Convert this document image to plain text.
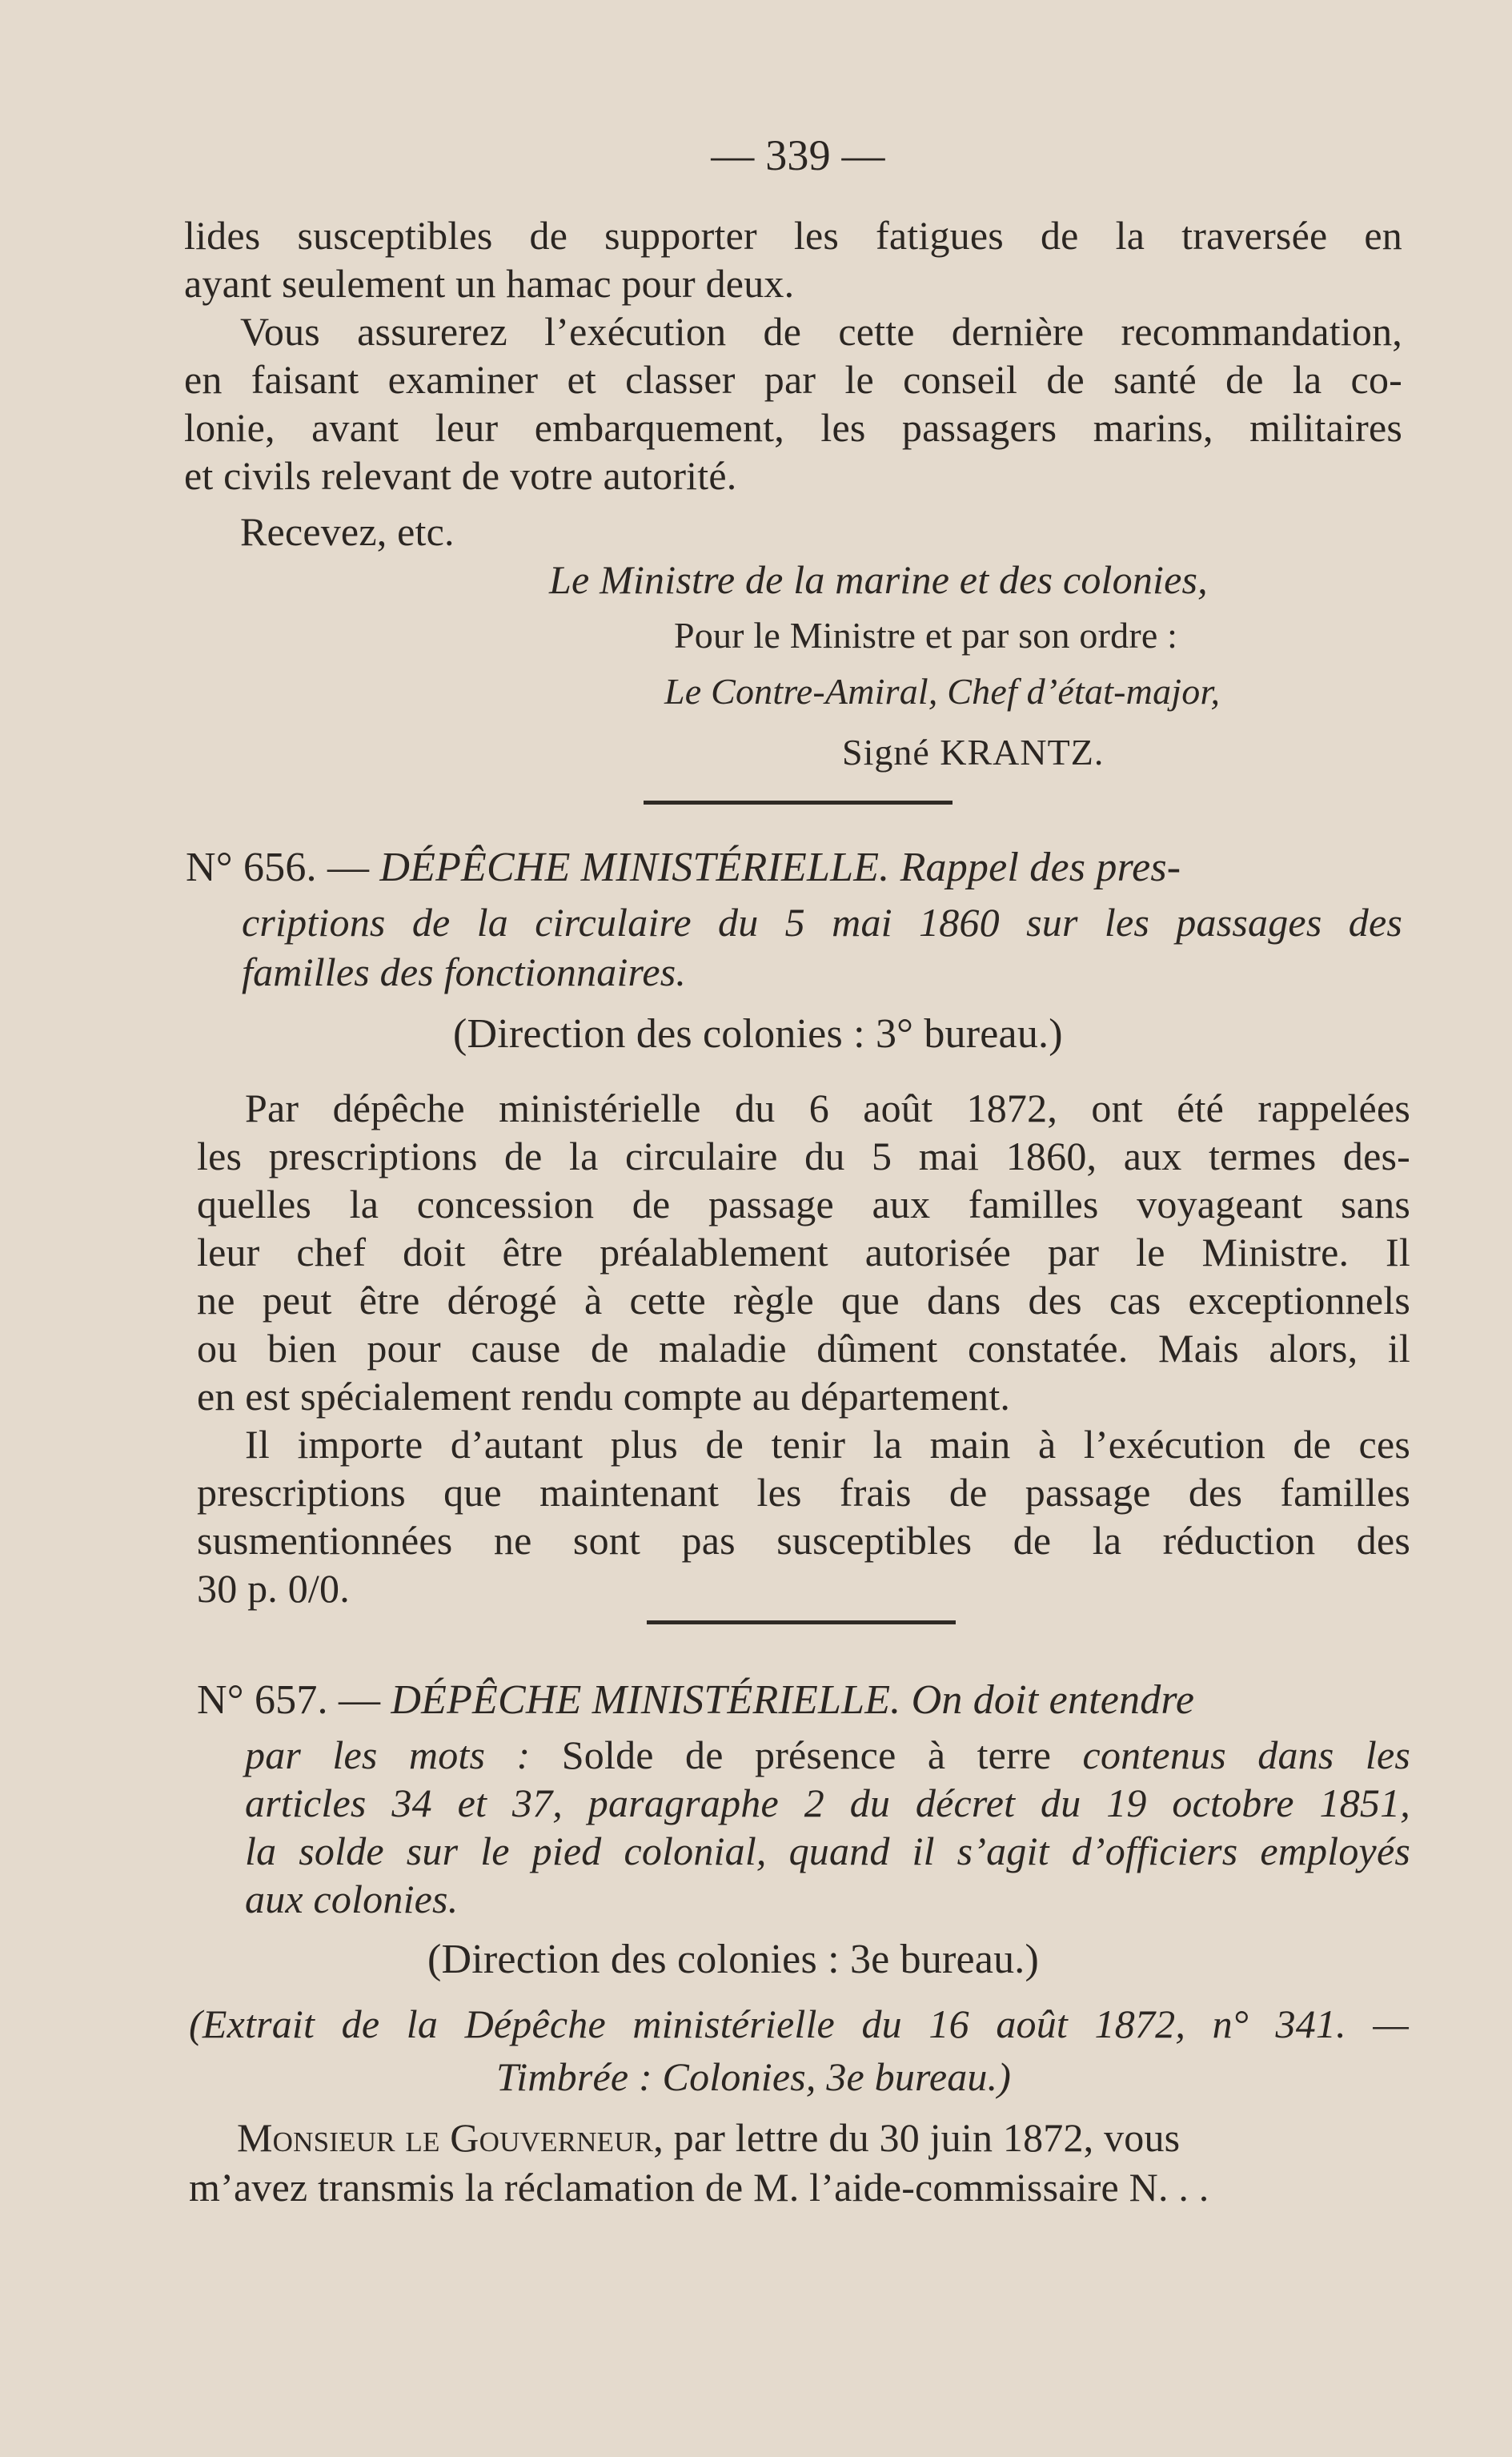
— 339 —
lides susceptibles de supporter les fatigues de la traversée en
ayant seulement un hamac pour deux.
Vous assurerez l’exécution de cette dernière recommandation,
en faisant examiner et classer par le conseil de santé de la co-
lonie, avant leur embarquement, les passagers marins, militaires
et civils relevant de votre autorité.
Recevez, etc.
Le Ministre de la marine et des colonies,
Pour le Ministre et par son ordre :
Le Contre-Amiral, Chef d’état-major,
Signé KRANTZ.
N° 656. — DÉPÊCHE MINISTÉRIELLE. Rappel des pres-
criptions de la circulaire du 5 mai 1860 sur les passages des
familles des fonctionnaires.
(Direction des colonies : 3° bureau.)
Par dépêche ministérielle du 6 août 1872, ont été rappelées
les prescriptions de la circulaire du 5 mai 1860, aux termes des-
quelles la concession de passage aux familles voyageant sans
leur chef doit être préalablement autorisée par le Ministre. Il
ne peut être dérogé à cette règle que dans des cas exceptionnels
ou bien pour cause de maladie dûment constatée. Mais alors, il
en est spécialement rendu compte au département.
Il importe d’autant plus de tenir la main à l’exécution de ces
prescriptions que maintenant les frais de passage des familles
susmentionnées ne sont pas susceptibles de la réduction des
30 p. 0/0.
N° 657. — DÉPÊCHE MINISTÉRIELLE. On doit entendre
par les mots : Solde de présence à terre contenus dans les
articles 34 et 37, paragraphe 2 du décret du 19 octobre 1851,
la solde sur le pied colonial, quand il s’agit d’officiers employés
aux colonies.
(Direction des colonies : 3e bureau.)
(Extrait de la Dépêche ministérielle du 16 août 1872, n° 341. —
Timbrée : Colonies, 3e bureau.)
Monsieur le Gouverneur, par lettre du 30 juin 1872, vous
m’avez transmis la réclamation de M. l’aide-commissaire N. . .
